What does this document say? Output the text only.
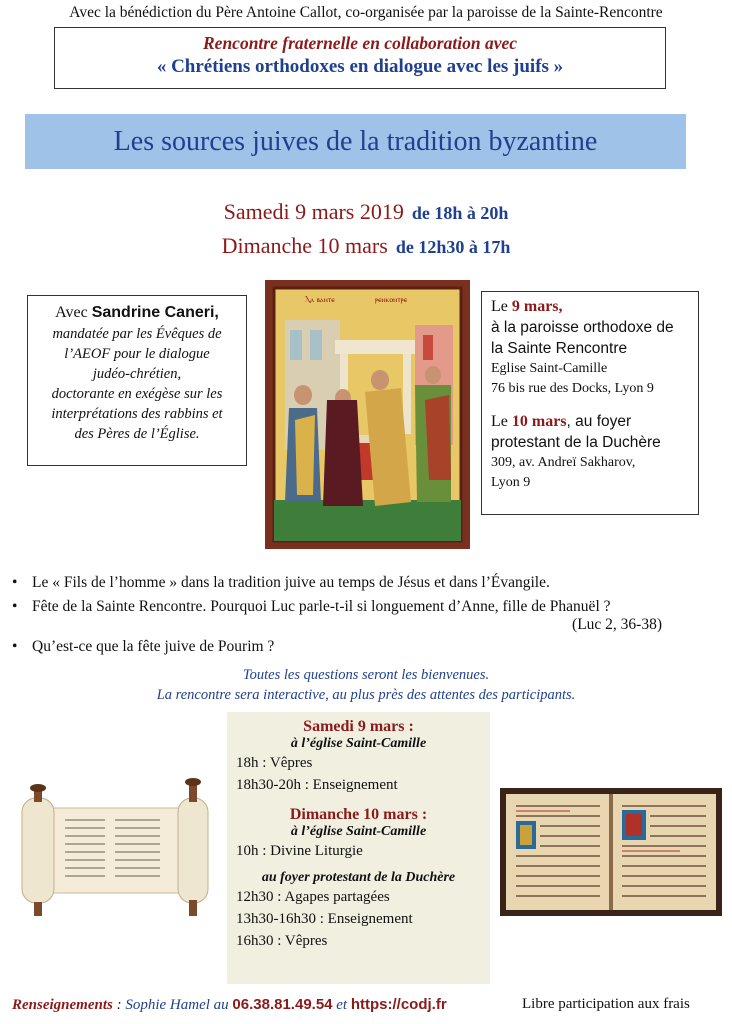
Avec la bénédiction du Père Antoine Callot, co-organisée par la paroisse de la Sainte-Rencontre
Rencontre fraternelle en collaboration avec
« Chrétiens orthodoxes en dialogue avec les juifs »
Les sources juives de la tradition byzantine
Samedi 9 mars 2019 de 18h à 20h
Dimanche 10 mars de 12h30 à 17h
Avec Sandrine Caneri,
mandatée par les Évêques de
l’AEOF pour le dialogue
judéo-chrétien,
doctorante en exégèse sur les
interprétations des rabbins et
des Pères de l’Église.
Ⲗⲁ ⲃⲁⲛⲧⲉ	ⲣⲉⲛⲕⲟⲛⲧⲣⲉ	Le 9 mars,
à la paroisse orthodoxe de
la Sainte Rencontre
Eglise Saint-Camille
76 bis rue des Docks, Lyon 9
Le 10 mars, au foyer
protestant de la Duchère
309, av. Andreï Sakharov,
Lyon 9
• Le « Fils de l’homme » dans la tradition juive au temps de Jésus et dans l’Évangile.
• Fête de la Sainte Rencontre. Pourquoi Luc parle-t-il si longuement d’Anne, fille de Phanuël ?
(Luc 2, 36-38)
• Qu’est-ce que la fête juive de Pourim ?
Toutes les questions seront les bienvenues.
La rencontre sera interactive, au plus près des attentes des participants.
Samedi 9 mars :
à l’église Saint-Camille
18h : Vêpres
18h30-20h : Enseignement
Dimanche 10 mars :
à l’église Saint-Camille
10h : Divine Liturgie
au foyer protestant de la Duchère
12h30 : Agapes partagées
13h30-16h30 : Enseignement
16h30 : Vêpres
Renseignements : Sophie Hamel au 06.38.81.49.54 et https://codj.fr	Libre participation aux frais
